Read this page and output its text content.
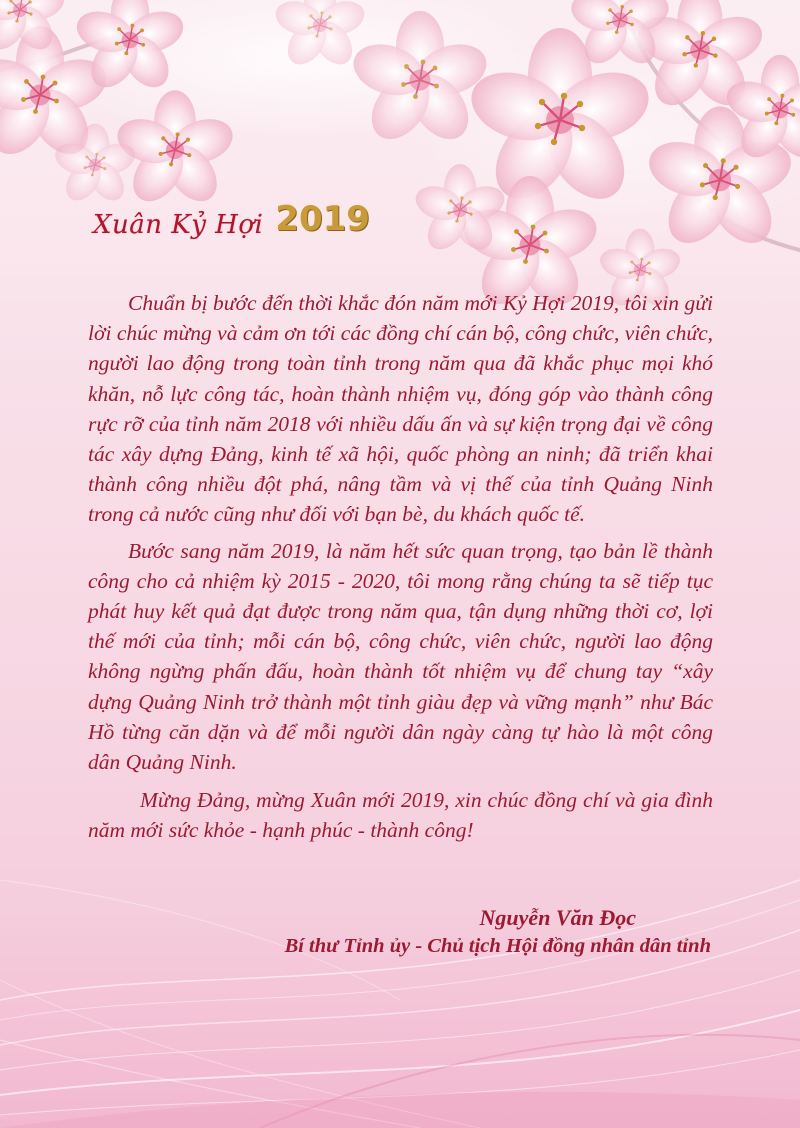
Xuân Kỷ Hợi 2019

Chuẩn bị bước đến thời khắc đón năm mới Kỷ Hợi 2019, tôi xin gửi lời chúc mừng và cảm ơn tới các đồng chí cán bộ, công chức, viên chức, người lao động trong toàn tỉnh trong năm qua đã khắc phục mọi khó khăn, nỗ lực công tác, hoàn thành nhiệm vụ, đóng góp vào thành công rực rỡ của tỉnh năm 2018 với nhiều dấu ấn và sự kiện trọng đại về công tác xây dựng Đảng, kinh tế xã hội, quốc phòng an ninh; đã triển khai thành công nhiều đột phá, nâng tầm và vị thế của tỉnh Quảng Ninh trong cả nước cũng như đối với bạn bè, du khách quốc tế.

Bước sang năm 2019, là năm hết sức quan trọng, tạo bản lề thành công cho cả nhiệm kỳ 2015 - 2020, tôi mong rằng chúng ta sẽ tiếp tục phát huy kết quả đạt được trong năm qua, tận dụng những thời cơ, lợi thế mới của tỉnh; mỗi cán bộ, công chức, viên chức, người lao động không ngừng phấn đấu, hoàn thành tốt nhiệm vụ để chung tay “xây dựng Quảng Ninh trở thành một tỉnh giàu đẹp và vững mạnh” như Bác Hồ từng căn dặn và để mỗi người dân ngày càng tự hào là một công dân Quảng Ninh.

Mừng Đảng, mừng Xuân mới 2019, xin chúc đồng chí và gia đình năm mới sức khỏe - hạnh phúc - thành công!

Nguyễn Văn Đọc
Bí thư Tỉnh ủy - Chủ tịch Hội đồng nhân dân tỉnh
